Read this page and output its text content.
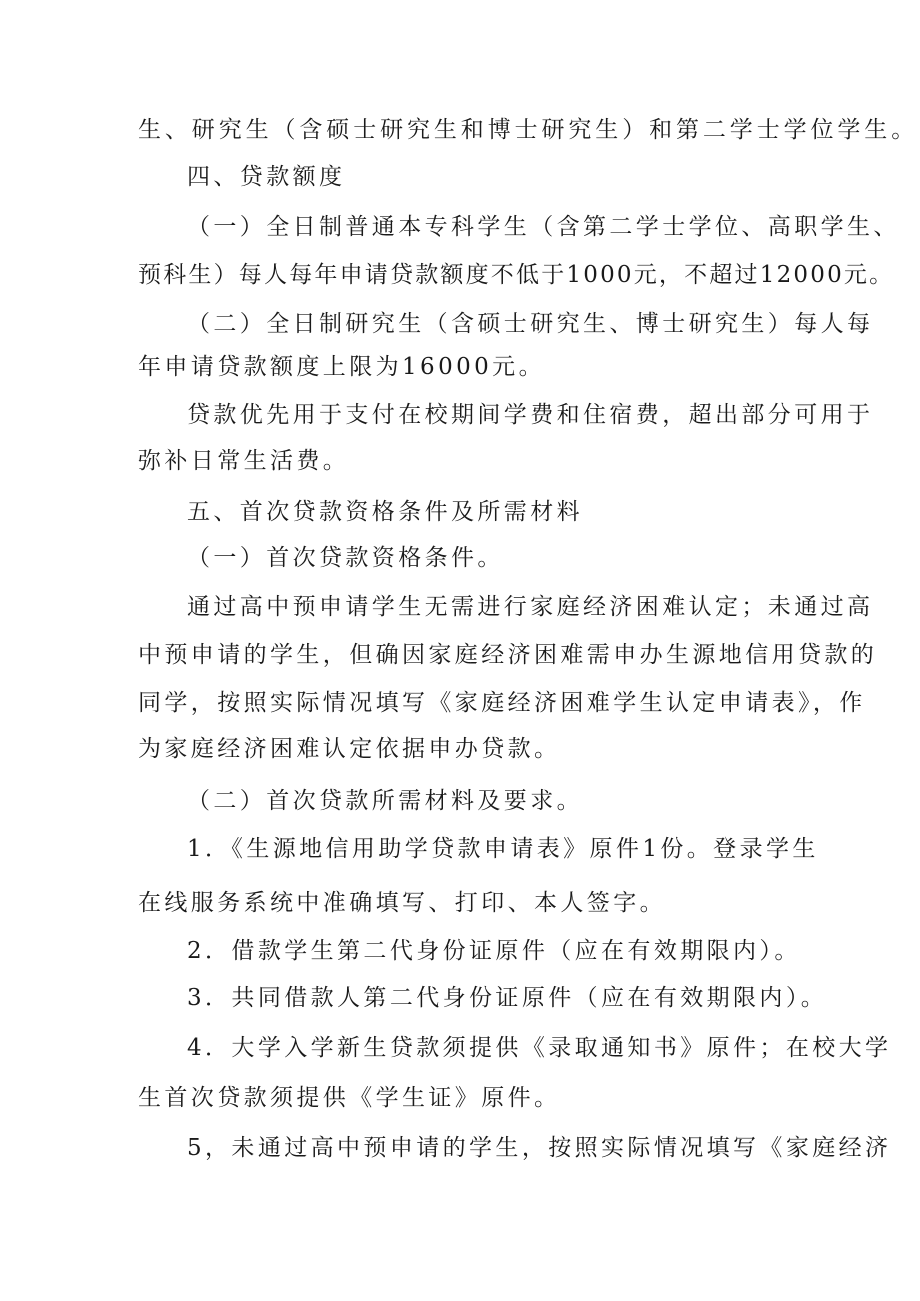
生、研究生（含硕士研究生和博士研究生）和第二学士学位学生。
四、贷款额度
（一）全日制普通本专科学生（含第二学士学位、高职学生、
预科生）每人每年申请贷款额度不低于1000元，不超过12000元。
（二）全日制研究生（含硕士研究生、博士研究生）每人每
年申请贷款额度上限为16000元。
贷款优先用于支付在校期间学费和住宿费，超出部分可用于
弥补日常生活费。
五、首次贷款资格条件及所需材料
（一）首次贷款资格条件。
通过高中预申请学生无需进行家庭经济困难认定；未通过高
中预申请的学生，但确因家庭经济困难需申办生源地信用贷款的
同学，按照实际情况填写《家庭经济困难学生认定申请表》，作
为家庭经济困难认定依据申办贷款。
（二）首次贷款所需材料及要求。
1．《生源地信用助学贷款申请表》原件1份。登录学生
在线服务系统中准确填写、打印、本人签字。
2．借款学生第二代身份证原件（应在有效期限内）。
3．共同借款人第二代身份证原件（应在有效期限内）。
4．大学入学新生贷款须提供《录取通知书》原件；在校大学
生首次贷款须提供《学生证》原件。
5，未通过高中预申请的学生，按照实际情况填写《家庭经济
